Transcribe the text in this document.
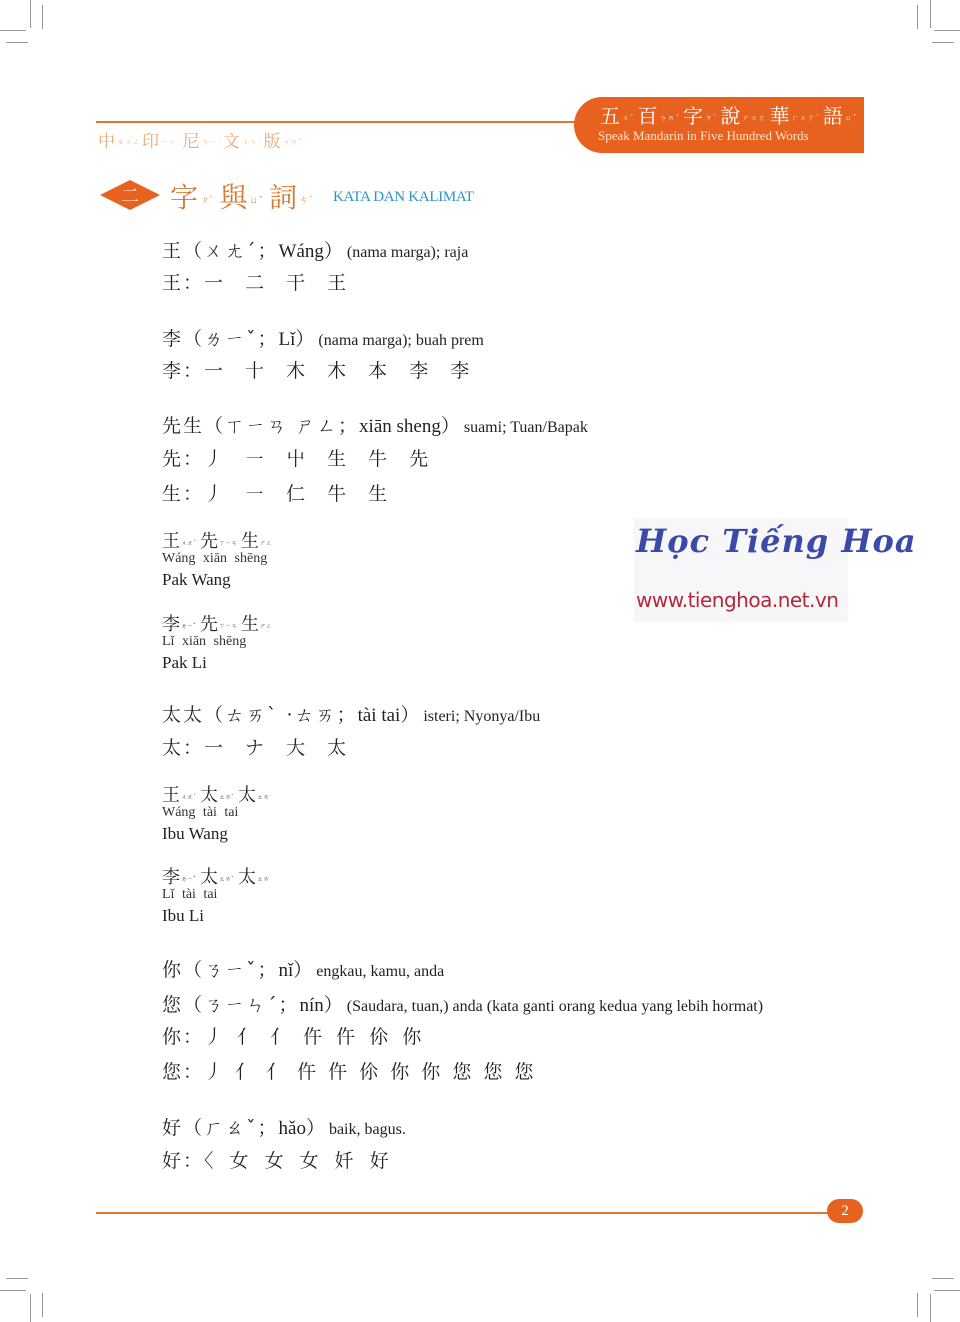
中ㄓㄨㄥ印ㄧㄣˋ尼ㄋㄧˊ文ㄨㄣˊ版ㄅㄢˇ
五ㄨˇ 百ㄅㄞˇ 字ㄗˋ 說ㄕㄨㄛ 華ㄏㄨㄚˊ 語ㄩˇ
Speak Mandarin in Five Hundred Words
二	字ㄗˋ 與 ㄩˇ 詞 ㄘˊ	KATA DAN KALIMAT
王（ㄨㄤˊ；Wáng） (nama marga); raja
王：一 二 干 王
李（ㄌㄧˇ；Lǐ） (nama marga); buah prem
李：一 十 木 木 本 李 李
先生（ㄒㄧㄢ ㄕㄥ；xiān sheng） suami; Tuan/Bapak
先：丿 ㇐ 屮 生 牛 先
生：丿 ㇐ 仁 牛 生
王ㄨㄤˊ 先ㄒㄧㄢ 生ㄕㄥ
Wáng xiān shēng
Pak Wang
李ㄌㄧˇ 先ㄒㄧㄢ 生ㄕㄥ
Lǐ xiān shēng
Pak Li
Học Tiếng Hoa
www.tienghoa.net.vn
太太（ㄊㄞˋ ·ㄊㄞ；tài tai） isteri; Nyonya/Ibu
太：一 ナ 大 太
王ㄨㄤˊ 太ㄊㄞˋ 太ㄊㄞ
Wáng tài tai
Ibu Wang
李ㄌㄧˇ 太ㄊㄞˋ 太ㄊㄞ
Lǐ tài tai
Ibu Li
你（ㄋㄧˇ；nǐ） engkau, kamu, anda
您（ㄋㄧㄣˊ；nín） (Saudara, tuan,) anda (kata ganti orang kedua yang lebih hormat)
你：丿 亻 亻 仵 仵 伱 你
您：丿 亻 亻 仵 仵 伱 你 你 您 您 您
好（ㄏㄠˇ；hǎo） baik, bagus.
好：〈 女 女 女 奷 好
2
